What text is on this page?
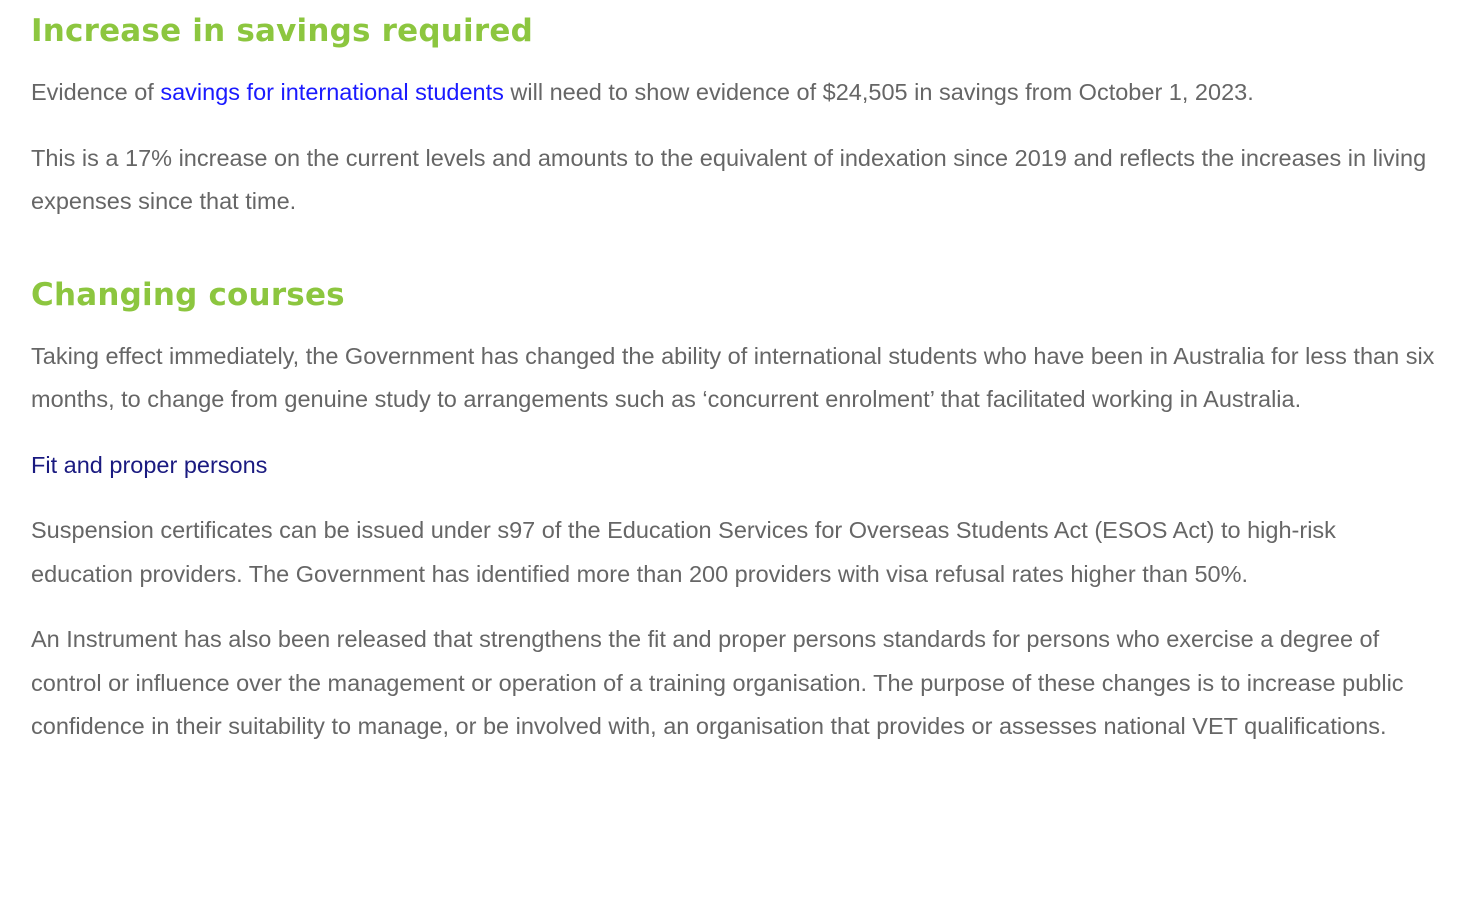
Increase in savings required

Evidence of savings for international students will need to show evidence of $24,505 in savings from October 1, 2023.

This is a 17% increase on the current levels and amounts to the equivalent of indexation since 2019 and reflects the increases in living expenses since that time.

Changing courses

Taking effect immediately, the Government has changed the ability of international students who have been in Australia for less than six months, to change from genuine study to arrangements such as ‘concurrent enrolment’ that facilitated working in Australia.

Fit and proper persons

Suspension certificates can be issued under s97 of the Education Services for Overseas Students Act (ESOS Act) to high-risk education providers. The Government has identified more than 200 providers with visa refusal rates higher than 50%.

An Instrument has also been released that strengthens the fit and proper persons standards for persons who exercise a degree of control or influence over the management or operation of a training organisation. The purpose of these changes is to increase public confidence in their suitability to manage, or be involved with, an organisation that provides or assesses national VET qualifications.
